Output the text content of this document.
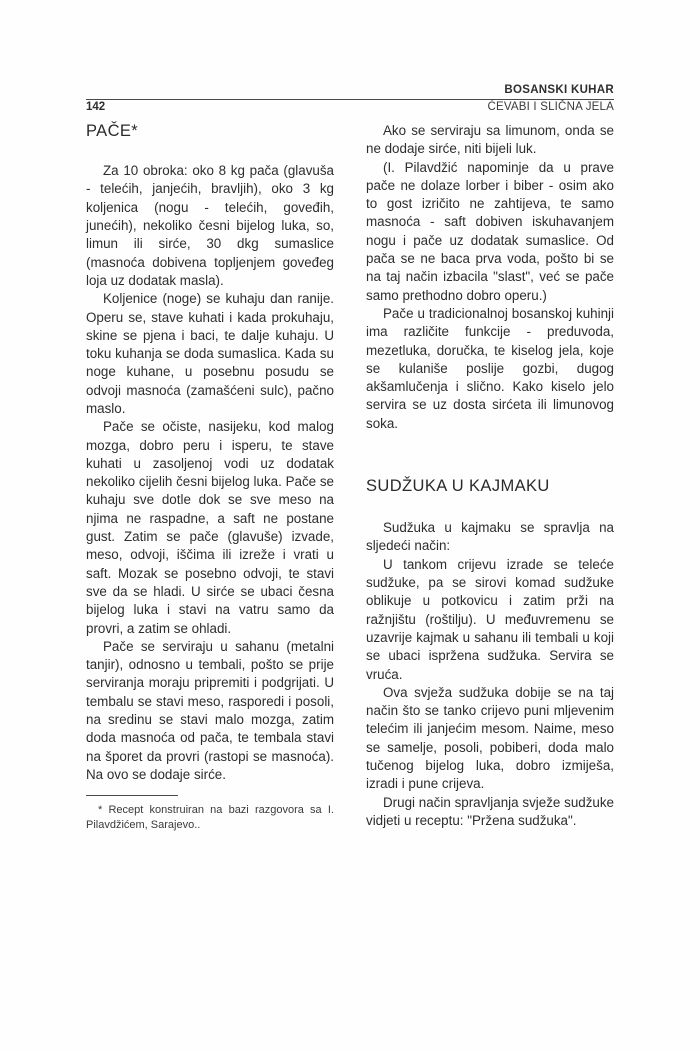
BOSANSKI KUHAR
142	ĆEVABI I SLIČNA JELA
PAČE*

Za 10 obroka: oko 8 kg pača (glavuša - telećih, janjećih, bravljih), oko 3 kg koljenica (nogu - telećih, goveđih, junećih), nekoliko česni bijelog luka, so, limun ili sirće, 30 dkg sumaslice (masnoća dobivena topljenjem goveđeg loja uz dodatak masla).

Koljenice (noge) se kuhaju dan ranije. Operu se, stave kuhati i kada prokuhaju, skine se pjena i baci, te dalje kuhaju. U toku kuhanja se doda sumaslica. Kada su noge kuhane, u posebnu posudu se odvoji masnoća (zamašćeni sulc), pačno maslo.

Pače se očiste, nasijeku, kod malog mozga, dobro peru i isperu, te stave kuhati u zasoljenoj vodi uz dodatak nekoliko cijelih česni bijelog luka. Pače se kuhaju sve dotle dok se sve meso na njima ne raspadne, a saft ne postane gust. Zatim se pače (glavuše) izvade, meso, odvoji, iščima ili izreže i vrati u saft. Mozak se posebno odvoji, te stavi sve da se hladi. U sirće se ubaci česna bijelog luka i stavi na vatru samo da provri, a zatim se ohladi.

Pače se serviraju u sahanu (metalni tanjir), odnosno u tembali, pošto se prije serviranja moraju pripremiti i podgrijati. U tembalu se stavi meso, rasporedi i posoli, na sredinu se stavi malo mozga, zatim doda masnoća od pača, te tembala stavi na šporet da provri (rastopi se masnoća). Na ovo se dodaje sirće.

* Recept konstruiran na bazi razgovora sa I. Pilavdžićem, Sarajevo..

Ako se serviraju sa limunom, onda se ne dodaje sirće, niti bijeli luk.

(I. Pilavdžić napominje da u prave pače ne dolaze lorber i biber - osim ako to gost izričito ne zahtijeva, te samo masnoća - saft dobiven iskuhavanjem nogu i pače uz dodatak sumaslice. Od pača se ne baca prva voda, pošto bi se na taj način izbacila "slast", već se pače samo prethodno dobro operu.)

Pače u tradicionalnoj bosanskoj kuhinji ima različite funkcije - preduvoda, mezetluka, doručka, te kiselog jela, koje se kulaniše poslije gozbi, dugog akšamlučenja i slično. Kako kiselo jelo servira se uz dosta sirćeta ili limunovog soka.

SUDŽUKA U KAJMAKU

Sudžuka u kajmaku se spravlja na sljedeći način:

U tankom crijevu izrade se teleće sudžuke, pa se sirovi komad sudžuke oblikuje u potkovicu i zatim prži na ražnjištu (roštilju). U međuvremenu se uzavrije kajmak u sahanu ili tembali u koji se ubaci ispržena sudžuka. Servira se vruća.

Ova svježa sudžuka dobije se na taj način što se tanko crijevo puni mljevenim telećim ili janjećim mesom. Naime, meso se samelje, posoli, pobiberi, doda malo tučenog bijelog luka, dobro izmiješa, izradi i pune crijeva.

Drugi način spravljanja svježe sudžuke vidjeti u receptu: "Pržena sudžuka".
